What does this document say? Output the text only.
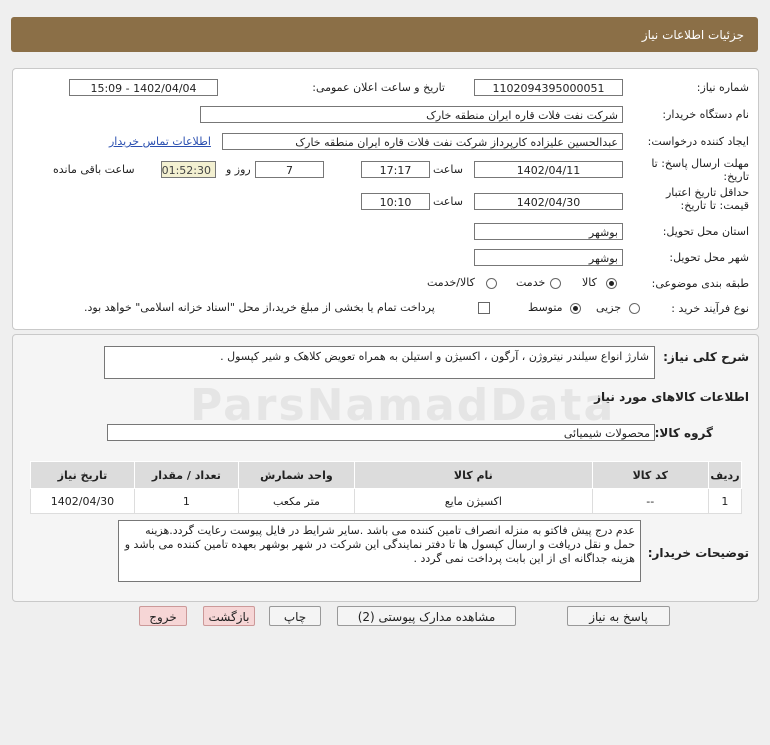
جزئیات اطلاعات نیاز
شماره نیاز:
1102094395000051
تاریخ و ساعت اعلان عمومی:
1402/04/04 - 15:09
نام دستگاه خریدار:
شرکت نفت فلات قاره ایران منطقه خارک
ایجاد کننده درخواست:
عبدالحسین علیزاده کارپرداز شرکت نفت فلات قاره ایران منطقه خارک
اطلاعات تماس خریدار
مهلت ارسال پاسخ: تا تاریخ:
1402/04/11
ساعت
17:17
7
روز و
01:52:30
ساعت باقی مانده
حداقل تاریخ اعتبار قیمت: تا تاریخ:
1402/04/30
ساعت
10:10
استان محل تحویل:
بوشهر
شهر محل تحویل:
بوشهر
طبقه بندی موضوعی:
کالا
خدمت
کالا/خدمت
نوع فرآیند خرید :
جزیی
متوسط
پرداخت تمام یا بخشی از مبلغ خرید،از محل "اسناد خزانه اسلامی" خواهد بود.
شرح کلی نیاز:
شارژ انواع سیلندر نیتروژن ، آرگون ، اکسیژن و استیلن به همراه تعویض کلاهک و شیر کپسول .
اطلاعات کالاهای مورد نیاز
گروه کالا:
محصولات شیمیائی
ردیف	کد کالا	نام کالا	واحد شمارش	تعداد / مقدار	تاریخ نیاز
1	--	اکسیژن مایع	متر مکعب	1	1402/04/30
توضیحات خریدار:
عدم درج پیش فاکتو به منزله انصراف تامین کننده می باشد .سایر شرایط در فایل پیوست رعایت گردد.هزینه حمل و نقل دریافت و ارسال کپسول ها تا دفتر نمایندگی این شرکت در شهر بوشهر بعهده تامین کننده می باشد و هزینه جداگانه ای از این بابت پرداخت نمی گردد .
پاسخ به نیاز
مشاهده مدارک پیوستی (2)
چاپ
بازگشت
خروج
